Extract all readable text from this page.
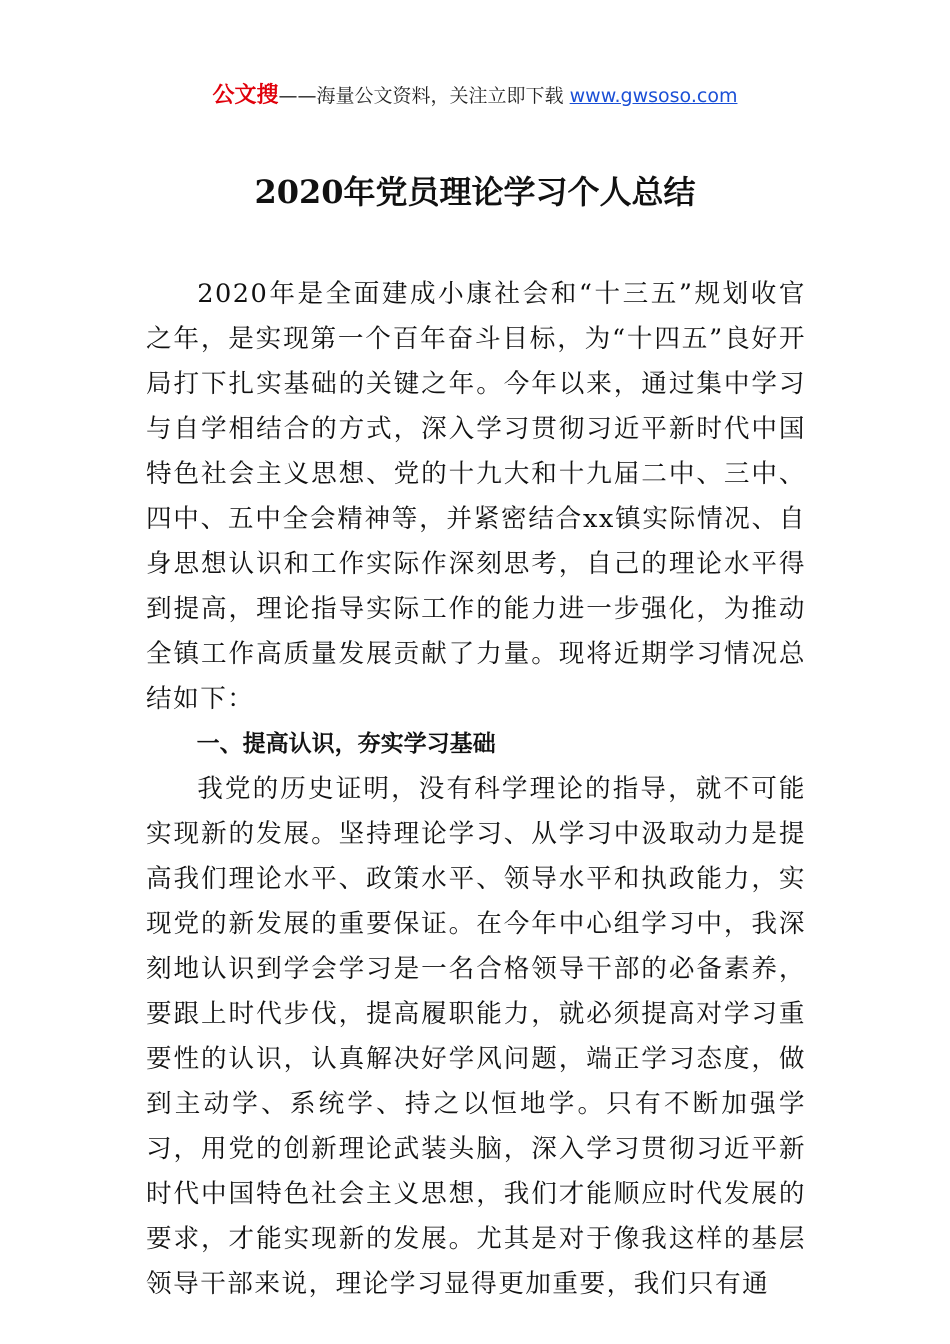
公文搜——海量公文资料，关注立即下载 www.gwsoso.com
2020年党员理论学习个人总结

2020年是全面建成小康社会和“十三五”规划收官之年，是实现第一个百年奋斗目标，为“十四五”良好开局打下扎实基础的关键之年。今年以来，通过集中学习与自学相结合的方式，深入学习贯彻习近平新时代中国特色社会主义思想、党的十九大和十九届二中、三中、四中、五中全会精神等，并紧密结合xx镇实际情况、自身思想认识和工作实际作深刻思考，自己的理论水平得到提高，理论指导实际工作的能力进一步强化，为推动全镇工作高质量发展贡献了力量。现将近期学习情况总结如下：

一、提高认识，夯实学习基础

我党的历史证明，没有科学理论的指导，就不可能实现新的发展。坚持理论学习、从学习中汲取动力是提高我们理论水平、政策水平、领导水平和执政能力，实现党的新发展的重要保证。在今年中心组学习中，我深刻地认识到学会学习是一名合格领导干部的必备素养，要跟上时代步伐，提高履职能力，就必须提高对学习重要性的认识，认真解决好学风问题，端正学习态度，做到主动学、系统学、持之以恒地学。只有不断加强学习，用党的创新理论武装头脑，深入学习贯彻习近平新时代中国特色社会主义思想，我们才能顺应时代发展的要求，才能实现新的发展。尤其是对于像我这样的基层领导干部来说，理论学习显得更加重要，我们只有通
